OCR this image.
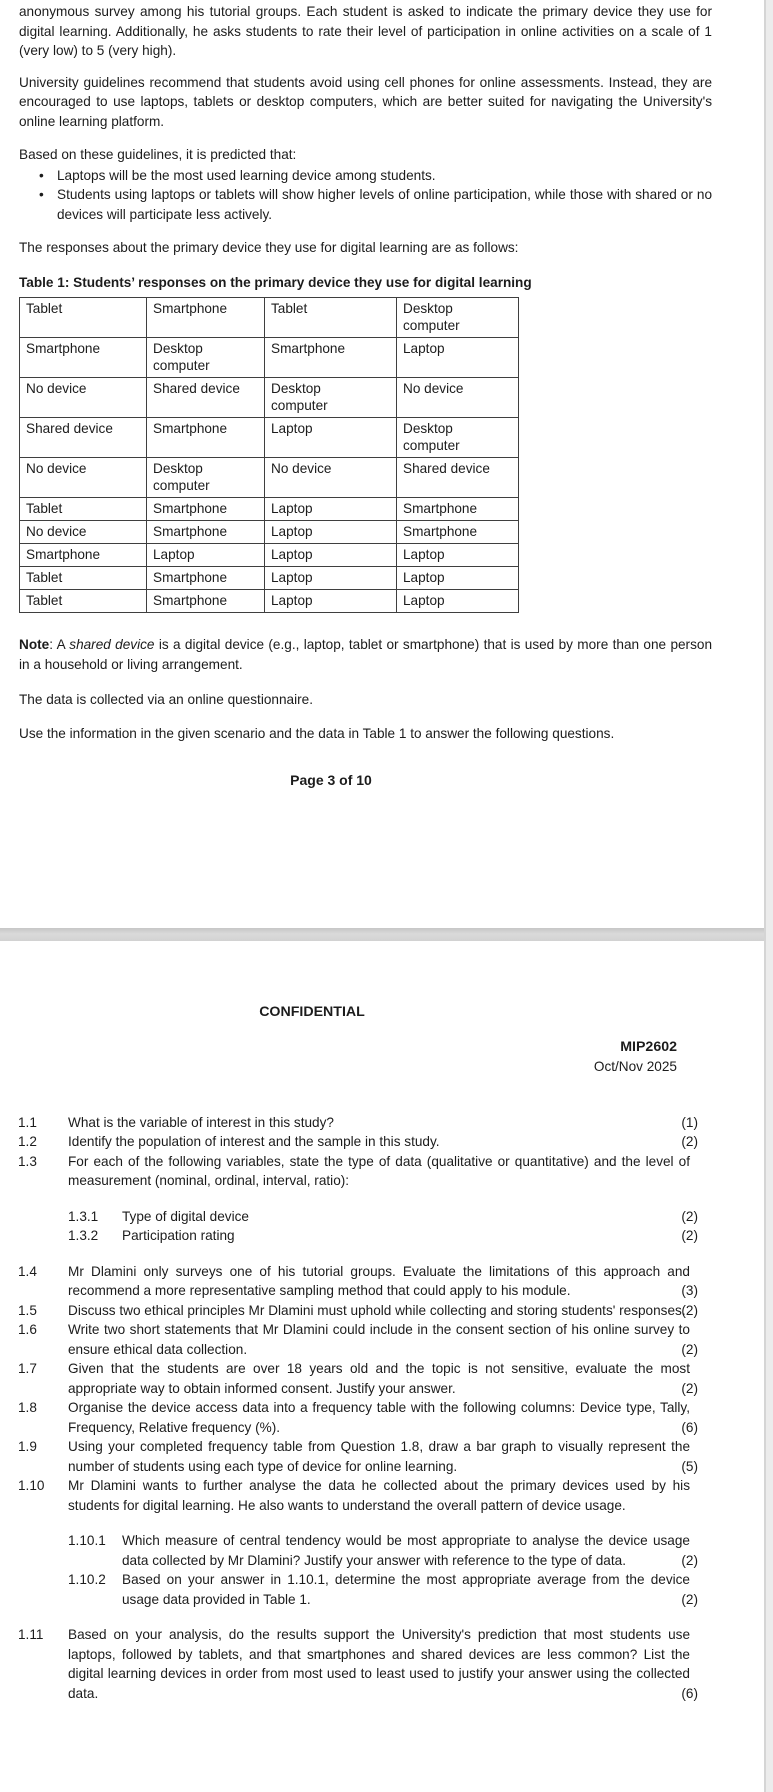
anonymous survey among his tutorial groups. Each student is asked to indicate the primary device they use for digital learning. Additionally, he asks students to rate their level of participation in online activities on a scale of 1 (very low) to 5 (very high).

University guidelines recommend that students avoid using cell phones for online assessments. Instead, they are encouraged to use laptops, tablets or desktop computers, which are better suited for navigating the University's online learning platform.

Based on these guidelines, it is predicted that:

• Laptops will be the most used learning device among students.
• Students using laptops or tablets will show higher levels of online participation, while those with shared or no devices will participate less actively.

The responses about the primary device they use for digital learning are as follows:

Table 1: Students’ responses on the primary device they use for digital learning

Tablet	Smartphone	Tablet	Desktop computer
Smartphone	Desktop computer	Smartphone	Laptop
No device	Shared device	Desktop computer	No device
Shared device	Smartphone	Laptop	Desktop computer
No device	Desktop computer	No device	Shared device
Tablet	Smartphone	Laptop	Smartphone
No device	Smartphone	Laptop	Smartphone
Smartphone	Laptop	Laptop	Laptop
Tablet	Smartphone	Laptop	Laptop
Tablet	Smartphone	Laptop	Laptop

Note: A shared device is a digital device (e.g., laptop, tablet or smartphone) that is used by more than one person in a household or living arrangement.

The data is collected via an online questionnaire.

Use the information in the given scenario and the data in Table 1 to answer the following questions.

Page 3 of 10
CONFIDENTIAL
MIP2602
Oct/Nov 2025
1.1 What is the variable of interest in this study?	(1)
1.2 Identify the population of interest and the sample in this study.	(2)
1.3 For each of the following variables, state the type of data (qualitative or quantitative) and the level of measurement (nominal, ordinal, interval, ratio):
1.3.1 Type of digital device	(2)
1.3.2 Participation rating	(2)
1.4 Mr Dlamini only surveys one of his tutorial groups. Evaluate the limitations of this approach and recommend a more representative sampling method that could apply to his module.	(3)
1.5 Discuss two ethical principles Mr Dlamini must uphold while collecting and storing students' responses.
(2)
1.6 Write two short statements that Mr Dlamini could include in the consent section of his online survey to ensure ethical data collection.	(2)
1.7 Given that the students are over 18 years old and the topic is not sensitive, evaluate the most appropriate way to obtain informed consent. Justify your answer.	(2)
1.8 Organise the device access data into a frequency table with the following columns: Device type, Tally, Frequency, Relative frequency (%).	(6)
1.9 Using your completed frequency table from Question 1.8, draw a bar graph to visually represent the number of students using each type of device for online learning.	(5)
1.10 Mr Dlamini wants to further analyse the data he collected about the primary devices used by his students for digital learning. He also wants to understand the overall pattern of device usage.
1.10.1 Which measure of central tendency would be most appropriate to analyse the device usage data collected by Mr Dlamini? Justify your answer with reference to the type of data.	(2)
1.10.2 Based on your answer in 1.10.1, determine the most appropriate average from the device usage data provided in Table 1.	(2)
1.11 Based on your analysis, do the results support the University's prediction that most students use laptops, followed by tablets, and that smartphones and shared devices are less common? List the digital learning devices in order from most used to least used to justify your answer using the collected data.	(6)
